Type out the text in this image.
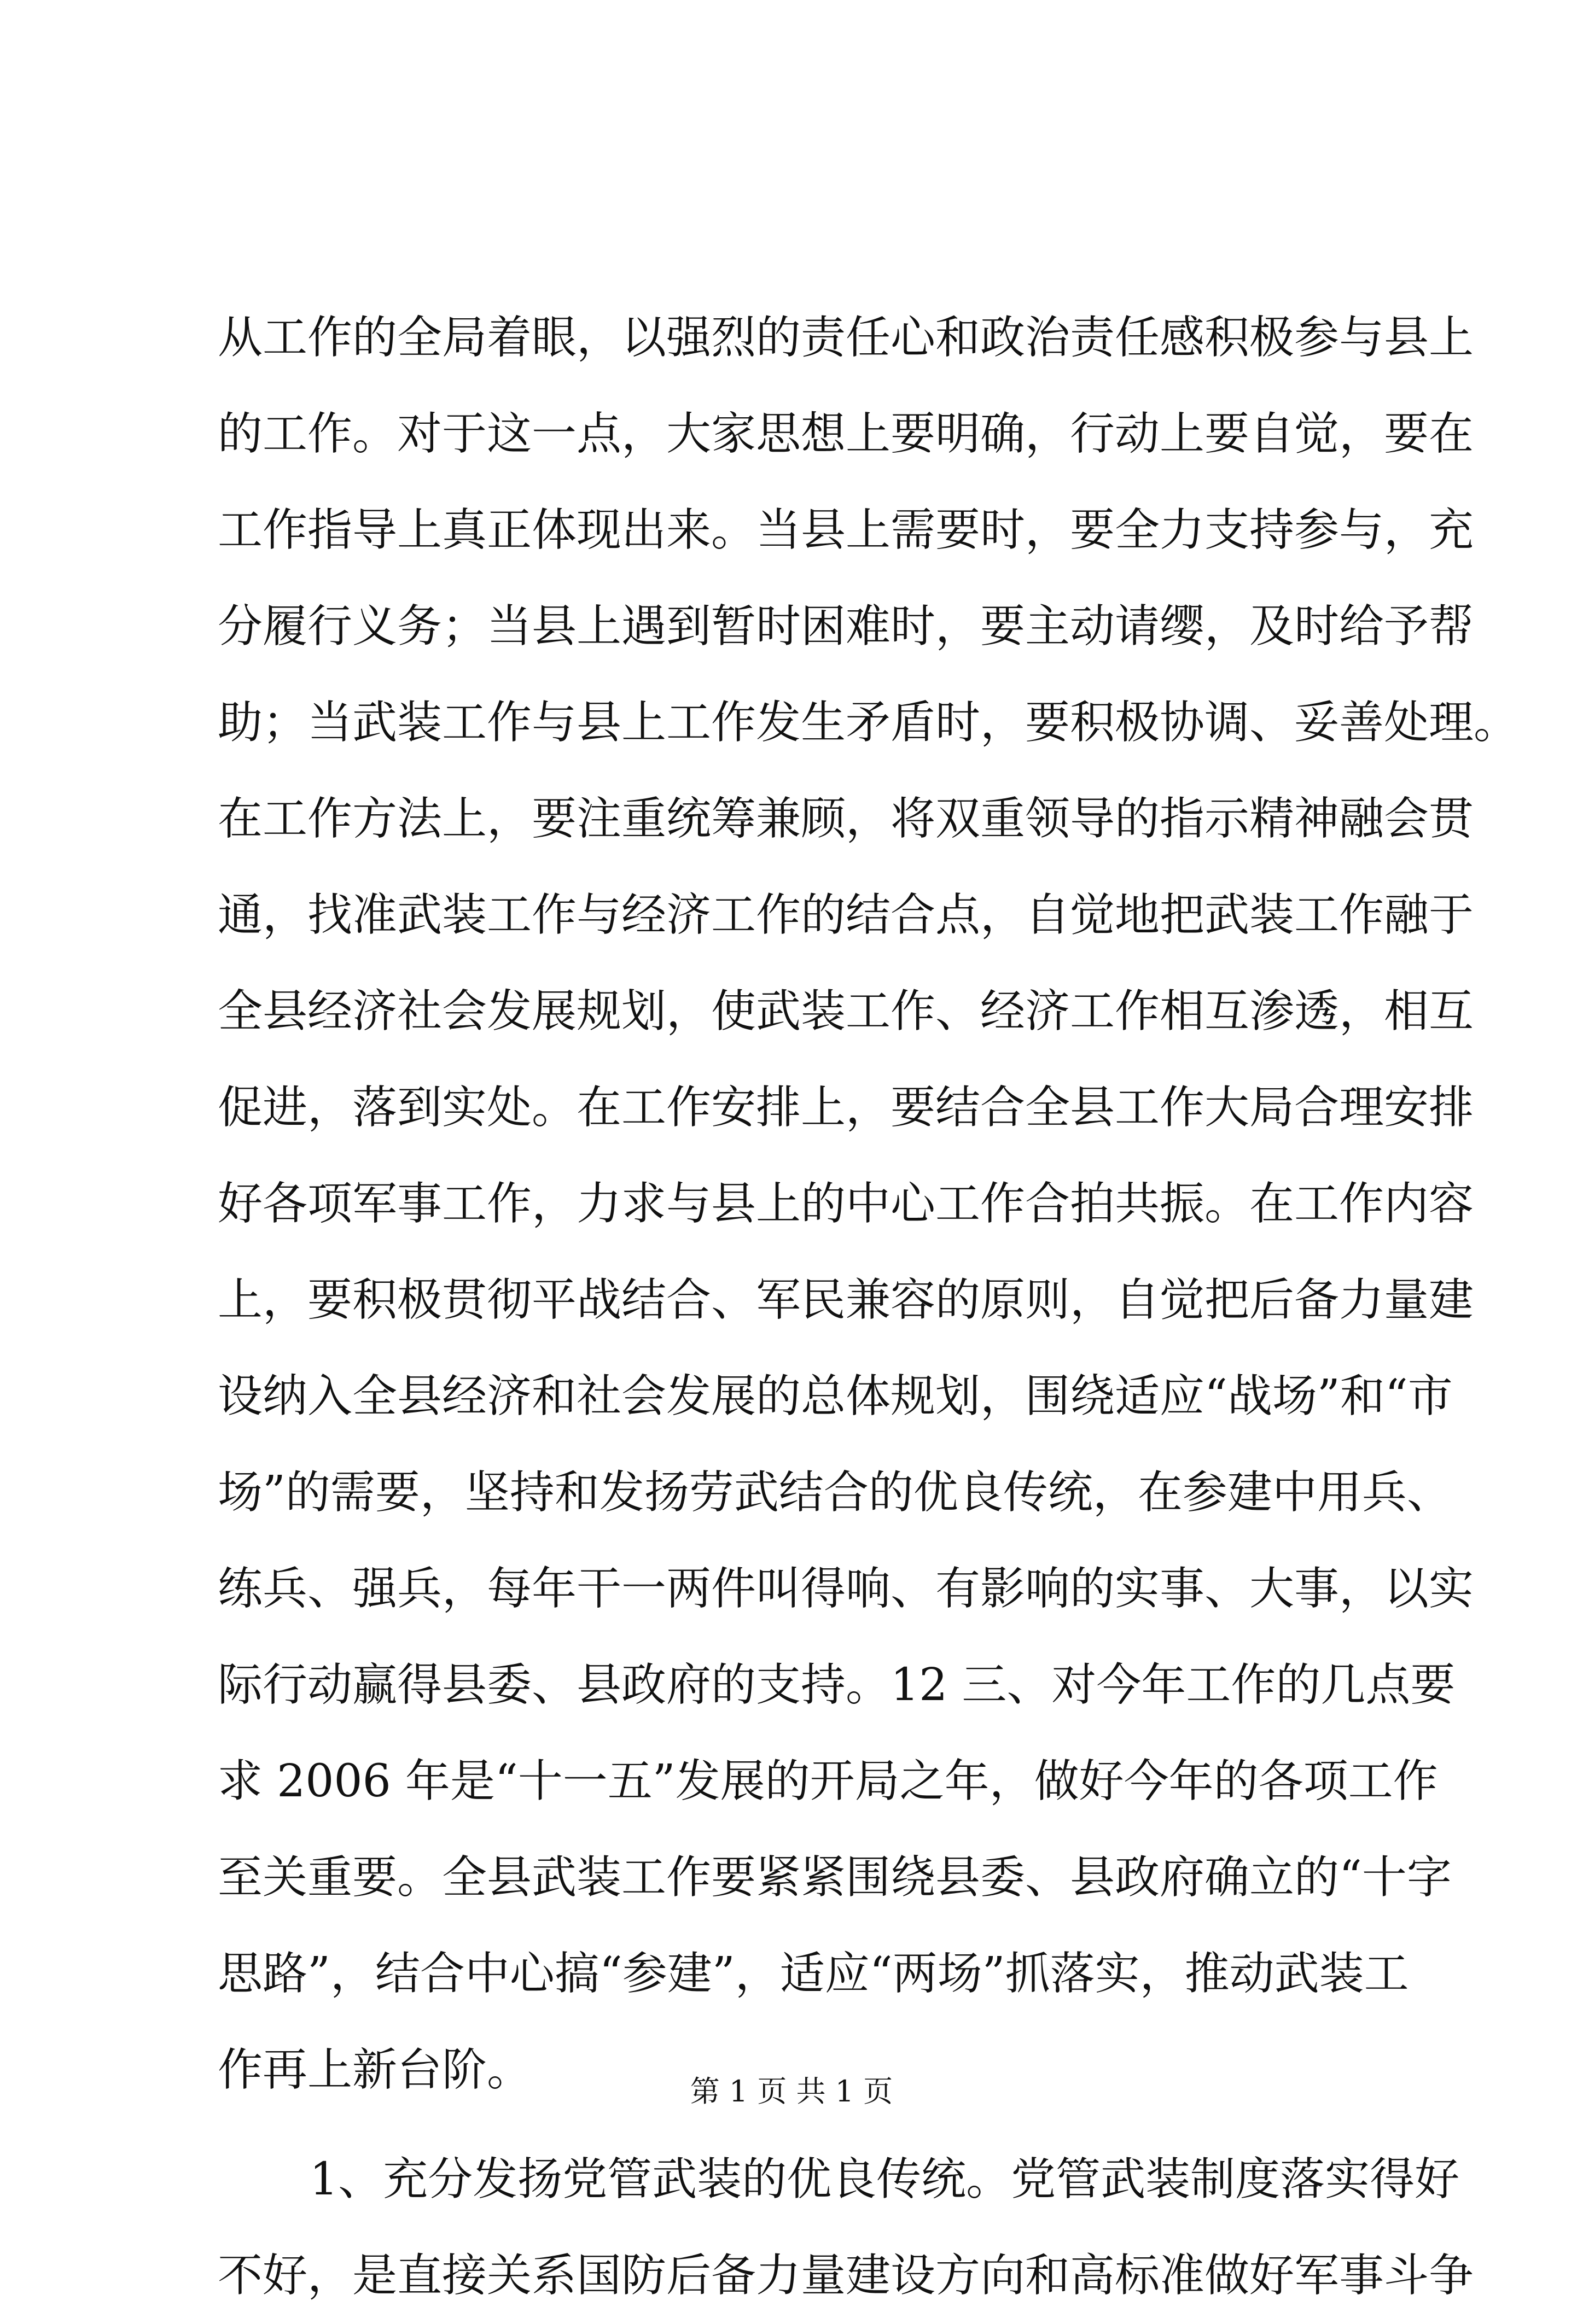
从工作的全局着眼，以强烈的责任心和政治责任感积极参与县上
的工作。对于这一点，大家思想上要明确，行动上要自觉，要在
工作指导上真正体现出来。当县上需要时，要全力支持参与，充
分履行义务；当县上遇到暂时困难时，要主动请缨，及时给予帮
助；当武装工作与县上工作发生矛盾时，要积极协调、妥善处理。
在工作方法上，要注重统筹兼顾，将双重领导的指示精神融会贯
通，找准武装工作与经济工作的结合点，自觉地把武装工作融于
全县经济社会发展规划，使武装工作、经济工作相互渗透，相互
促进，落到实处。在工作安排上，要结合全县工作大局合理安排
好各项军事工作，力求与县上的中心工作合拍共振。在工作内容
上，要积极贯彻平战结合、军民兼容的原则，自觉把后备力量建
设纳入全县经济和社会发展的总体规划，围绕适应“战场”和“市
场”的需要，坚持和发扬劳武结合的优良传统，在参建中用兵、
练兵、强兵，每年干一两件叫得响、有影响的实事、大事，以实
际行动赢得县委、县政府的支持。12 三、对今年工作的几点要
求 2006 年是“十一五”发展的开局之年，做好今年的各项工作
至关重要。全县武装工作要紧紧围绕县委、县政府确立的“十字
思路”，结合中心搞“参建”，适应“两场”抓落实，推动武装工
作再上新台阶。
1、充分发扬党管武装的优良传统。党管武装制度落实得好
不好，是直接关系国防后备力量建设方向和高标准做好军事斗争
第 1 页 共 1 页
